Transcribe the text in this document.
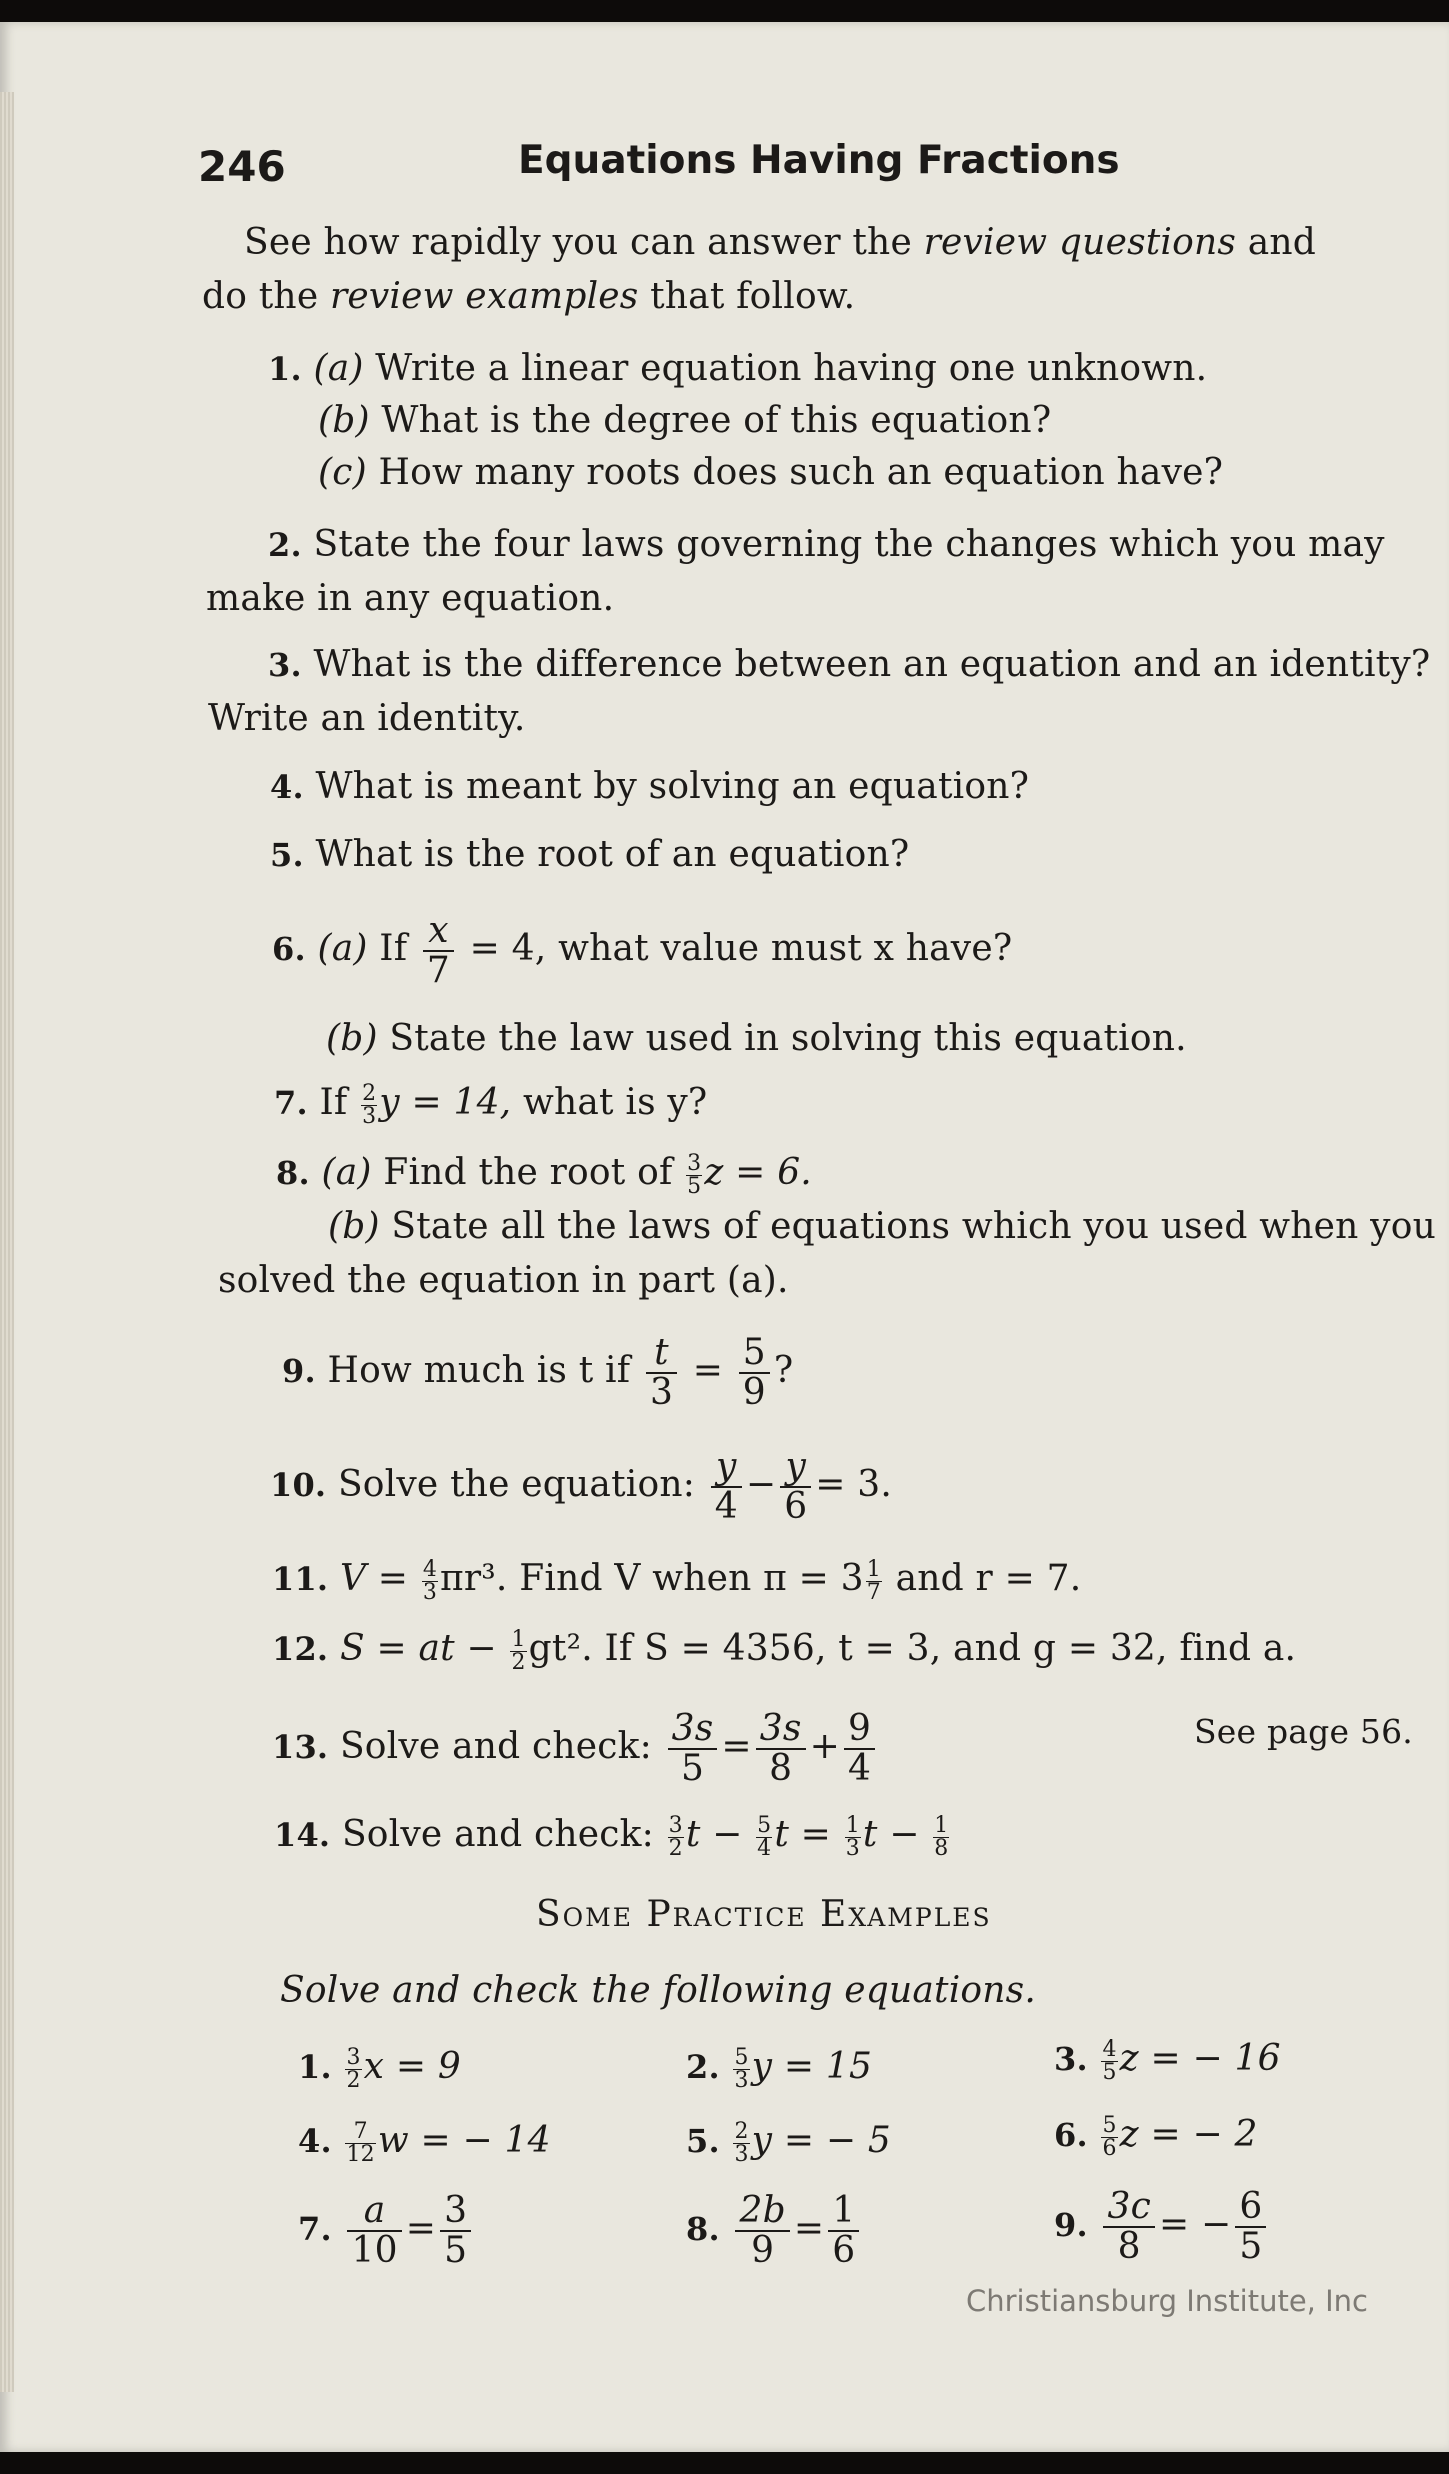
246	Equations Having Fractions
See how rapidly you can answer the review questions and
do the review examples that follow.
1. (a) Write a linear equation having one unknown.
(b) What is the degree of this equation?
(c) How many roots does such an equation have?
2. State the four laws governing the changes which you may
make in any equation.
3. What is the difference between an equation and an identity?
Write an identity.
4. What is meant by solving an equation?
5. What is the root of an equation?
6. (a) If $\frac{x}{7} = 4$, what value must x have?
(b) State the law used in solving this equation.
7. If $\frac{2}{3}$ y = 14, what is y?
8. (a) Find the root of $\frac{3}{5}$ z = 6.
(b) State all the laws of equations which you used when you
solved the equation in part (a).
9. How much is t if $\frac{t}{3} = \frac{5}{9}$ ?
10. Solve the equation: $\frac{y}{4} - \frac{y}{6} = 3$.
11. $V = \frac{4}{3} \pi r^3$. Find V when $\pi = 3 \frac{1}{7}$ and r = 7.
12. S = at − $\frac{1}{2} gt^2$. If S = 4356, t = 3, and g = 32, find a.
13. Solve and check: $\frac{3s}{5} = \frac{3s}{8} + \frac{9}{4}$	See page 56.
14. Solve and check: $\frac{3}{2}$ $t - \frac{5}{4}$ $t = \frac{1}{3}$ $t - \frac{1}{8}$
Some Practice Examples
Solve and check the following equations.
1. $\frac{3}{2}$ x = 9	2. $\frac{5}{3}$ y = 15	3. $\frac{4}{5}$ z = − 16
4. $\frac{7}{12}$ w = − 14	5. $\frac{2}{3}$ y = − 5	6. $\frac{5}{6}$ z = − 2
7. $\frac{a}{10} = \frac{3}{5}$	8. $\frac{2b}{9} = \frac{1}{6}$	9. $\frac{3c}{8}$ = − $\frac{6}{5}$
Christiansburg Institute, Inc
